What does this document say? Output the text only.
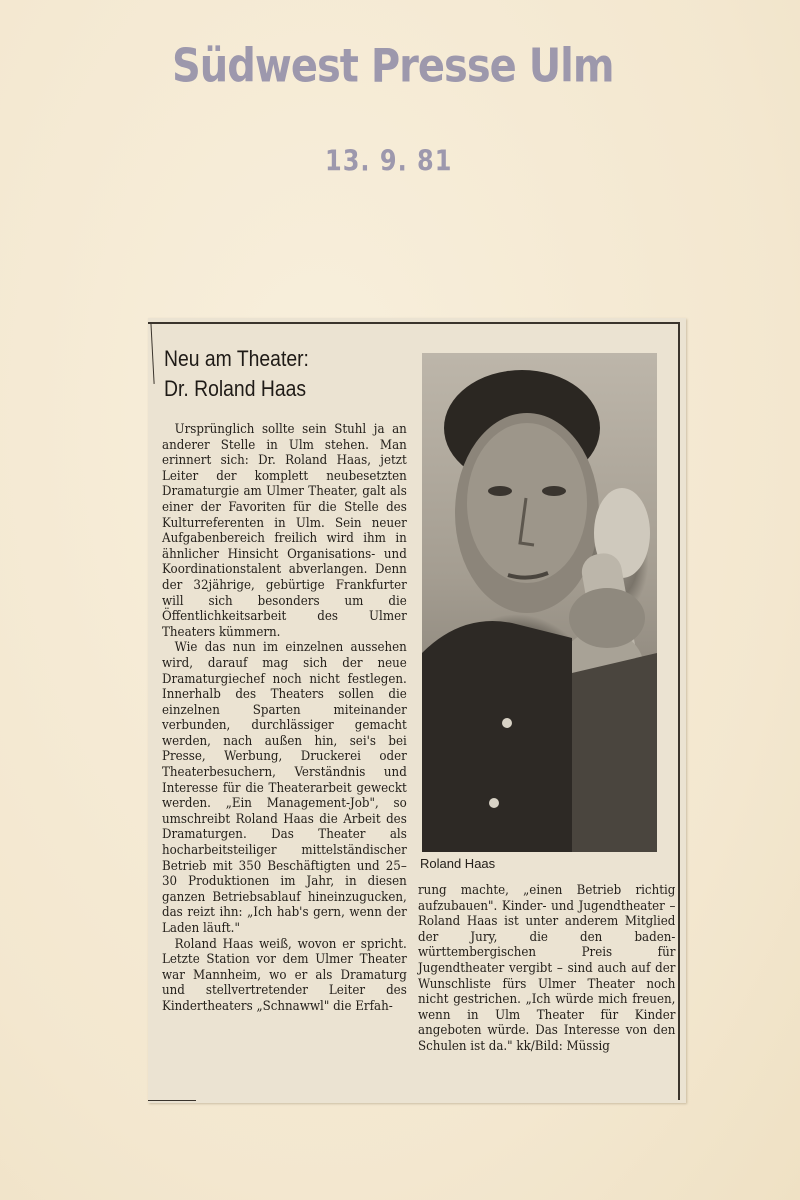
Südwest Presse Ulm
13. 9. 81
Neu am Theater:
Dr. Roland Haas

Ursprünglich sollte sein Stuhl ja an anderer Stelle in Ulm stehen. Man erinnert sich: Dr. Roland Haas, jetzt Leiter der komplett neubesetzten Dramaturgie am Ulmer Theater, galt als einer der Favoriten für die Stelle des Kulturreferenten in Ulm. Sein neuer Aufgabenbereich freilich wird ihm in ähnlicher Hinsicht Organisations- und Koordinationstalent abverlangen. Denn der 32jährige, gebürtige Frankfurter will sich besonders um die Öffentlichkeitsarbeit des Ulmer Theaters kümmern.

Wie das nun im einzelnen aussehen wird, darauf mag sich der neue Dramaturgiechef noch nicht festlegen. Innerhalb des Theaters sollen die einzelnen Sparten miteinander verbunden, durchlässiger gemacht werden, nach außen hin, sei's bei Presse, Werbung, Druckerei oder Theaterbesuchern, Verständnis und Interesse für die Theaterarbeit geweckt werden. „Ein Management-Job", so umschreibt Roland Haas die Arbeit des Dramaturgen. Das Theater als hocharbeitsteiliger mittelständischer Betrieb mit 350 Beschäftigten und 25–30 Produktionen im Jahr, in diesen ganzen Betriebsablauf hineinzugucken, das reizt ihn: „Ich hab's gern, wenn der Laden läuft."

Roland Haas weiß, wovon er spricht. Letzte Station vor dem Ulmer Theater war Mannheim, wo er als Dramaturg und stellvertretender Leiter des Kindertheaters „Schnawwl" die Erfah-

Roland Haas

rung machte, „einen Betrieb richtig aufzubauen". Kinder- und Jugendtheater – Roland Haas ist unter anderem Mitglied der Jury, die den baden-württembergischen Preis für Jugendtheater vergibt – sind auch auf der Wunschliste fürs Ulmer Theater noch nicht gestrichen. „Ich würde mich freuen, wenn in Ulm Theater für Kinder angeboten würde. Das Interesse von den Schulen ist da." kk/Bild: Müssig
